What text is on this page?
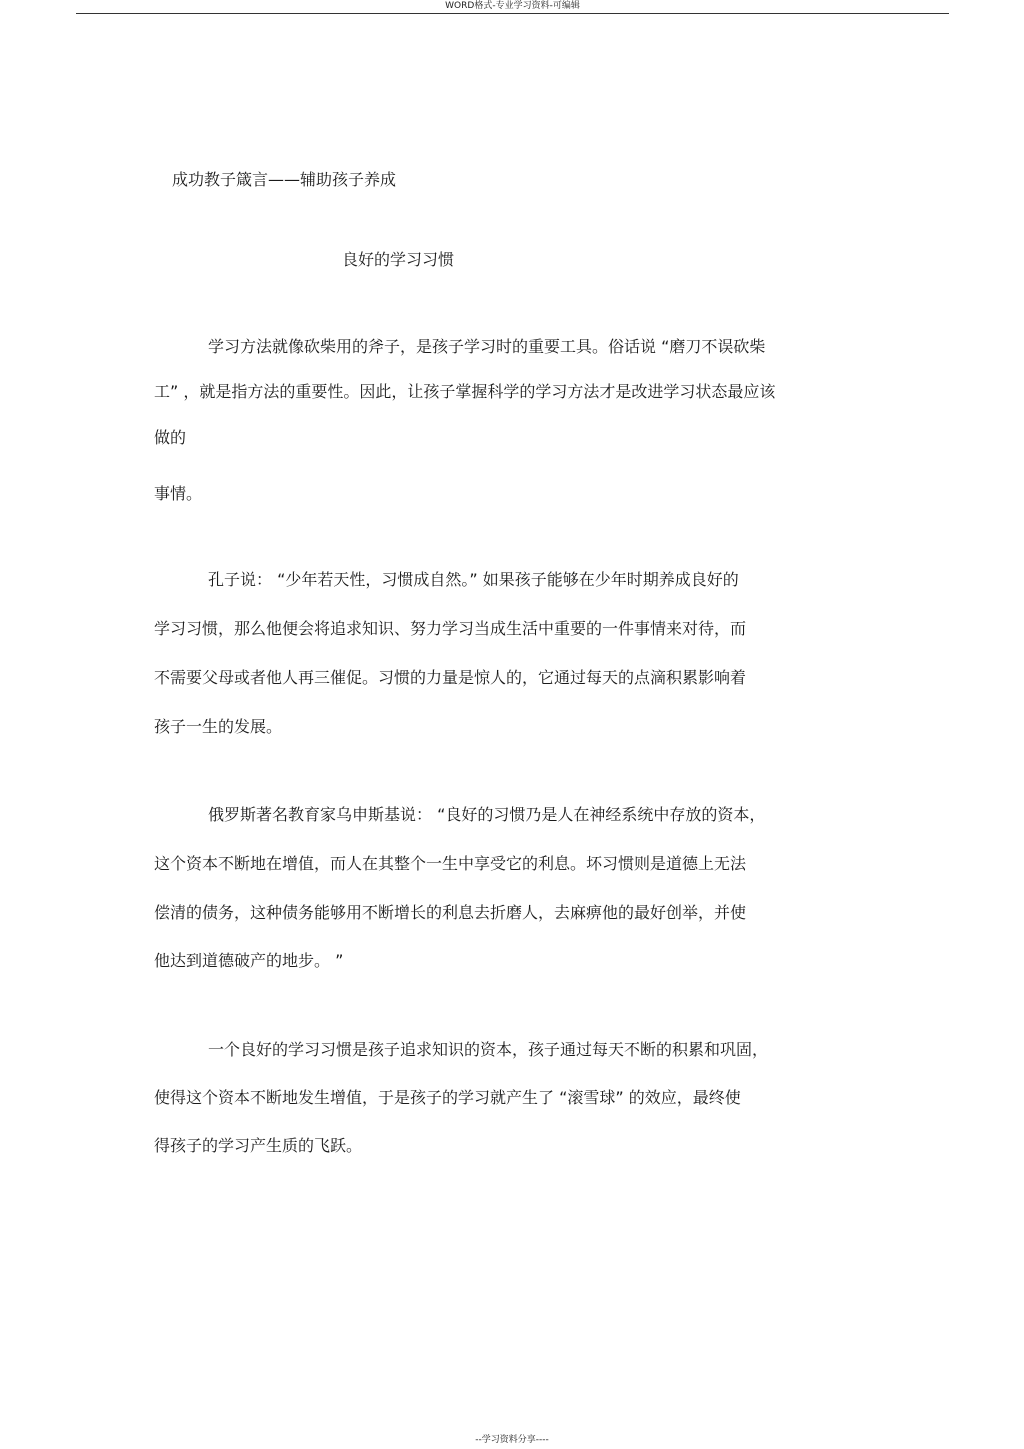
WORD格式-专业学习资料-可编辑
成功教子箴言——辅助孩子养成
良好的学习习惯
学习方法就像砍柴用的斧子，是孩子学习时的重要工具。俗话说 “磨刀不误砍柴
工” ，就是指方法的重要性。因此，让孩子掌握科学的学习方法才是改进学习状态最应该
做的
事情。
孔子说： “少年若天性，习惯成自然。” 如果孩子能够在少年时期养成良好的
学习习惯，那么他便会将追求知识、努力学习当成生活中重要的一件事情来对待，而
不需要父母或者他人再三催促。习惯的力量是惊人的，它通过每天的点滴积累影响着
孩子一生的发展。
俄罗斯著名教育家乌申斯基说： “良好的习惯乃是人在神经系统中存放的资本，
这个资本不断地在增值，而人在其整个一生中享受它的利息。坏习惯则是道德上无法
偿清的债务，这种债务能够用不断增长的利息去折磨人，去麻痹他的最好创举，并使
他达到道德破产的地步。 ”
一个良好的学习习惯是孩子追求知识的资本，孩子通过每天不断的积累和巩固，
使得这个资本不断地发生增值，于是孩子的学习就产生了 “滚雪球” 的效应，最终使
得孩子的学习产生质的飞跃。
--学习资料分享----
